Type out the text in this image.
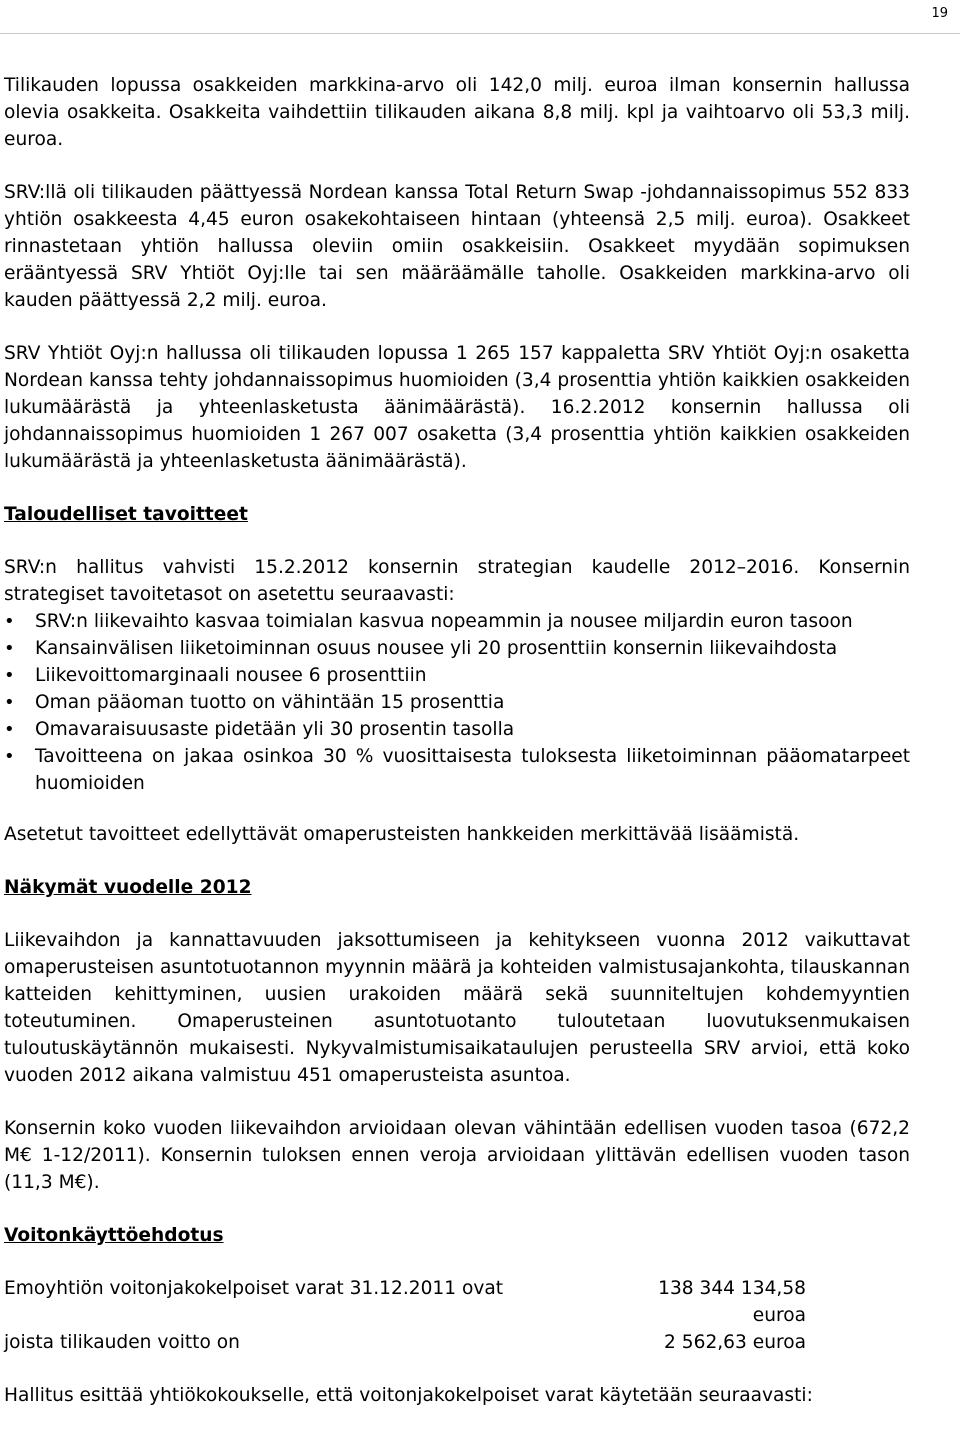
19

Tilikauden lopussa osakkeiden markkina-arvo oli 142,0 milj. euroa ilman konsernin hallussa olevia osakkeita. Osakkeita vaihdettiin tilikauden aikana 8,8 milj. kpl ja vaihtoarvo oli 53,3 milj. euroa.

SRV:llä oli tilikauden päättyessä Nordean kanssa Total Return Swap -johdannaissopimus 552 833 yhtiön osakkeesta 4,45 euron osakekohtaiseen hintaan (yhteensä 2,5 milj. euroa). Osakkeet rinnastetaan yhtiön hallussa oleviin omiin osakkeisiin. Osakkeet myydään sopimuksen erääntyessä SRV Yhtiöt Oyj:lle tai sen määräämälle taholle. Osakkeiden markkina-arvo oli kauden päättyessä 2,2 milj. euroa.

SRV Yhtiöt Oyj:n hallussa oli tilikauden lopussa 1 265 157 kappaletta SRV Yhtiöt Oyj:n osaketta Nordean kanssa tehty johdannaissopimus huomioiden (3,4 prosenttia yhtiön kaikkien osakkeiden lukumäärästä ja yhteenlasketusta äänimäärästä). 16.2.2012 konsernin hallussa oli johdannaissopimus huomioiden 1 267 007 osaketta (3,4 prosenttia yhtiön kaikkien osakkeiden lukumäärästä ja yhteenlasketusta äänimäärästä).

Taloudelliset tavoitteet

SRV:n hallitus vahvisti 15.2.2012 konsernin strategian kaudelle 2012–2016. Konsernin strategiset tavoitetasot on asetettu seuraavasti:

•	SRV:n liikevaihto kasvaa toimialan kasvua nopeammin ja nousee miljardin euron tasoon
•	Kansainvälisen liiketoiminnan osuus nousee yli 20 prosenttiin konsernin liikevaihdosta
•	Liikevoittomarginaali nousee 6 prosenttiin
•	Oman pääoman tuotto on vähintään 15 prosenttia
•	Omavaraisuusaste pidetään yli 30 prosentin tasolla
•	Tavoitteena on jakaa osinkoa 30 % vuosittaisesta tuloksesta liiketoiminnan pääomatarpeet huomioiden

Asetetut tavoitteet edellyttävät omaperusteisten hankkeiden merkittävää lisäämistä.

Näkymät vuodelle 2012

Liikevaihdon ja kannattavuuden jaksottumiseen ja kehitykseen vuonna 2012 vaikuttavat omaperusteisen asuntotuotannon myynnin määrä ja kohteiden valmistusajankohta, tilauskannan katteiden kehittyminen, uusien urakoiden määrä sekä suunniteltujen kohdemyyntien toteutuminen. Omaperusteinen asuntotuotanto tuloutetaan luovutuksenmukaisen tuloutuskäytännön mukaisesti. Nykyvalmistumisaikataulujen perusteella SRV arvioi, että koko vuoden 2012 aikana valmistuu 451 omaperusteista asuntoa.

Konsernin koko vuoden liikevaihdon arvioidaan olevan vähintään edellisen vuoden tasoa (672,2 M€ 1-12/2011). Konsernin tuloksen ennen veroja arvioidaan ylittävän edellisen vuoden tason (11,3 M€).

Voitonkäyttöehdotus
Emoyhtiön voitonjakokelpoiset varat 31.12.2011 ovat	138 344 134,58 euroa
joista tilikauden voitto on	2 562,63 euroa

Hallitus esittää yhtiökokoukselle, että voitonjakokelpoiset varat käytetään seuraavasti:
